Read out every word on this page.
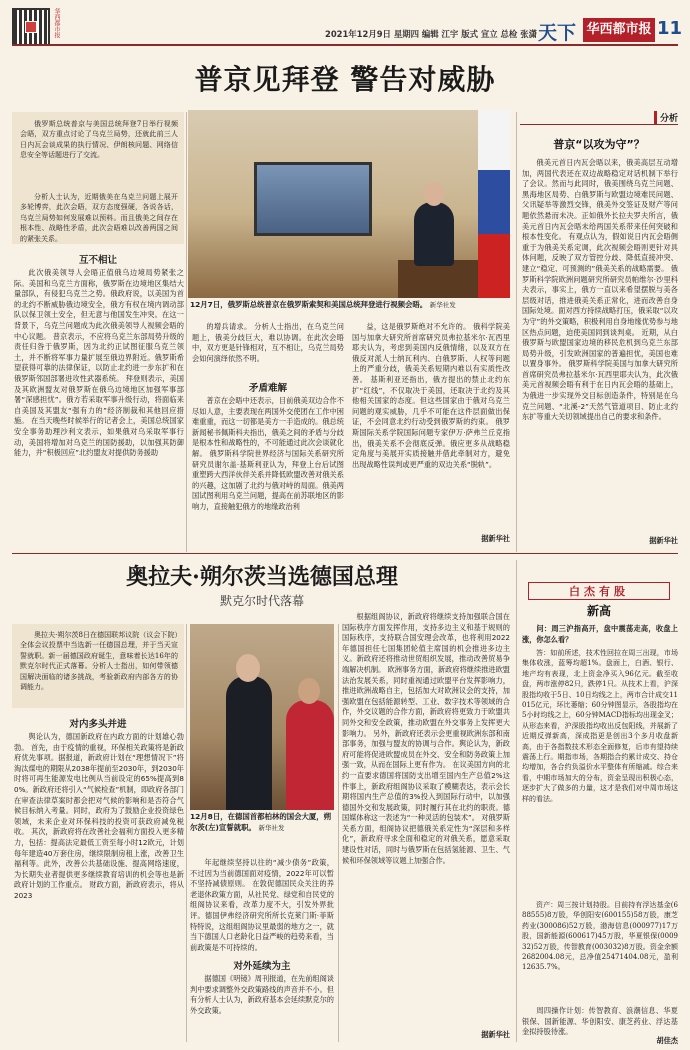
华西都市报	2021年12月9日 星期四 编辑 江宇 版式 宣立 总检 张潇 天下 华西都市报 11
普京见拜登 警告对威胁

俄罗斯总统普京与美国总统拜登7日举行视频会晤，双方重点讨论了乌克兰局势，还就此前三人日内瓦会谈成果的执行情况、伊朗核问题、网络信息安全等话题进行了交流。

分析人士认为，近期俄美在乌克兰问题上展开多轮博弈，此次会晤，双方态度强硬，各说各话，乌克兰局势如何发展难以预料。而且俄美之间存在根本性、战略性矛盾，此次会晤难以改善两国之间的紧张关系。

互不相让

此次俄美领导人会晤正值俄乌边境局势紧张之际。美国和乌克兰方面称，俄罗斯在边境地区集结大量部队，有侵犯乌克兰之势。俄政府说，以美国为首的北约不断威胁俄边境安全，俄方有权在境内调动部队以保卫领土安全，但无意与他国发生冲突。在这一背景下，乌克兰问题成为此次俄美领导人视频会晤的中心议题。 普京表示，不应将乌克兰东部局势升级的责任归咎于俄罗斯，因为北约正试图征服乌克兰领土，并不断将军事力量扩展至俄边界附近。俄罗斯希望获得可靠的法律保证，以防止北约进一步东扩和在俄罗斯邻国部署进攻性武器系统。 拜登则表示，美国及其欧洲盟友对俄罗斯在俄乌边境地区加强军事部署“深感担忧”。俄方若采取军事升级行动，将面临来自美国及其盟友“强有力的”经济制裁和其他回应措施。 在当天晚些时候举行的记者会上，美国总统国家安全事务助理沙利文表示，如果俄对乌采取军事行动，美国将增加对乌克兰的国防援助，以加强其防御能力，并“积极回应”北约盟友对提供防务援助

12月7日，俄罗斯总统普京在俄罗斯索契和美国总统拜登进行视频会晤。 新华社发

的增兵请求。 分析人士指出，在乌克兰问题上，俄美分歧巨大，难以协调。在此次会晤中，双方更是针锋相对，互不相让，乌克兰局势会如何演绎依然不明。

矛盾难解

普京在会晤中还表示，目前俄美双边合作不尽如人意，主要表现在两国外交使团在工作中困难重重，而这一切都是美方一手造成的。俄总统新闻秘书佩斯科夫指出，俄美之间的矛盾与分歧是根本性和战略性的，不可能通过此次会谈就化解。 俄罗斯科学院世界经济与国际关系研究所研究员谢尔盖·基斯利亚认为，拜登上台后试图重塑跨大西洋伙伴关系并降低欧盟改善对俄关系的兴趣，这加剧了北约与俄对峙的局面。俄美两国试图利用乌克兰问题，提高在前苏联地区的影响力，直接触犯俄方的地缘政治利

益，这是俄罗斯绝对不允许的。 俄科学院美国与加拿大研究所首席研究员弗拉基米尔·瓦西里耶夫认为，考虑到美国内反俄情绪，以及双方在俄反对派人士纳瓦利内、白俄罗斯、人权等问题上的严重分歧，俄美关系短期内难以有实质性改善。 基斯利亚还指出，俄方提出的禁止北约东扩“红线”，不仅取决于美国，还取决于北约及其他相关国家的态度。但这些国家由于俄对乌克兰问题的观实威胁，几乎不可能在这件层面做出保证，不会同意北约行动受到俄罗斯的约束。 俄罗斯国际关系学院国际问题专家伊万·萨弗兰丘克指出，俄美关系不会彻底反弹。俄应更多从战略稳定角度与美展开实质接触并借此牵制对方，避免出现战略性误判或更严重的双边关系“脱轨”。

据新华社
分析
普京“以攻为守”？

俄美元首日内瓦会晤以来，俄美高层互动增加，两国代表还在双边战略稳定对话机制下举行了会议。然而与此同时，俄美围绕乌克兰问题、黑海地区局势、白俄罗斯与欧盟边境难民问题、父讯疑举等激烈交锋，俄美外交签证及财产等问题依然悬而未决。正如俄外长拉夫罗夫所言，俄美元首日内瓦会晤未给两国关系带来任何突破和根本性变化。 有观点认为，假如说日内瓦会晤侧重于为俄美关系定调，此次视频会晤则更针对具体问题，反映了双方管控分歧、降低直接冲突、建立“稳定、可预测的”俄美关系的战略需要。 俄罗斯科学院欧洲问题研究所研究员帕维尔·沙里科夫表示，事实上，俄方一直以来希望摆脱与美各层级对话，推进俄美关系正常化，进而改善自身国际处境。面对西方持续战略打压，俄采取“以攻为守”的外交策略，积极利用自身地缘优势参与地区热点问题，迫使美国同到谈判桌。 近期，从白俄罗斯与欧盟国家边境的移民危机到乌克兰东部局势升级，引发欧洲国家的普遍担忧，美国也难以置身事外。 俄罗斯科学院美国与加拿大研究所首席研究员弗拉基米尔·瓦西里耶夫认为，此次俄美元首视频会晤有利于在日内瓦会晤的基础上，为俄进一步实现外交目标创造条件，特别是在乌克兰问题、“北溪-2”天然气管道项目、防止北约东扩等重大关切领域提出自己的要求和条件。

据新华社
奥拉夫·朔尔茨当选德国总理
默克尔时代落幕

奥拉夫·朔尔茨8日在德国联邦议院（议会下院）全体会议投票中当选新一任德国总理，并于当天宣誓就职。新一届德国政府诞生，意味着长达16年的默克尔时代正式落幕。分析人士指出，如何带领德国解决面临的诸多挑战，考验新政府内部各方的协调能力。

对内多头并进

舆论认为，德国新政府在内政方面的计划雄心勃勃。 首先，由于疫情的重视，环保相关政策将是新政府优先事项。据报道，新政府计划在“理想情况下”将淘汰煤电的期限从2038年提前至2030年，到2030年时将可再生能源发电比例从当前设定的65%提高到80%。新政府还将引入“气候检查”机制，即政府各部门在审查法律草案时都会把对气候的影响和是否符合气候目标纳入考量。同时，政府为了鼓励企业投资绿色领域，未来企业对环保科技的投资可获政府减免税收。 其次，新政府将在改善社会福利方面投入更多精力，包括：提高法定最低工资至每小时12欧元，计划每年建造40万套住房，继续限制房租上涨，改善卫生福利等。此外，改善公共基础设施、提高网络速度，为长期失业者提供更多继续教育培训的机会等也是新政府计划的工作重点。 财政方面，新政府表示，将从2023

12月8日，在德国首都柏林的国会大厦，朔尔茨(左)宣誓就职。 新华社发

年起继续坚持以往的“减少债务”政策，不过因为当前德国面对疫情，2022年可以暂不坚持减债原则。 在敦促德国民众关注的养老退休政策方面，从社民党、绿党和自民党的组阁协议来看，改革力度不大，引发外界批评。德国伊弗经济研究所所长克莱门斯·菲斯特特说，这组组阁协议里最弱的地方之一，就当下德国人口老龄化日益严峻的趋势来看，当前政策是不可持续的。

对外延续为主

据德国《明镜》周刊报道，在先前组阁谈判中要求调整外交政策路线的声音并不小。但有分析人士认为，新政府基本会延续默克尔的外交政策。

根据组阁协议，新政府将继续支持加强联合国在国际秩序方面发挥作用，支持多边主义和基于规则的国际秩序，支持联合国安理会改革，也将利用2022年德国担任七国集团轮值主席国的机会推进多边主义。新政府还将推动世贸组织发展，推动改善贸易争端解决机制。 欧洲事务方面，新政府将继续推进欧盟法治发展关系，同时重视通过欧盟平台发挥影响力，推进欧洲战略自主，包括加大对欧洲议会的支持，加强欧盟在包括能源转型、工业、数字技术等领域的合作，外交议题的合作方面，新政府将更致力于欧盟共同外交和安全政策，推动欧盟在外交事务上发挥更大影响力。 另外，新政府还表示会更重视欧洲东部和南部事务，加强与盟友的协调与合作。舆论认为，新政府可能将促进欧盟成员在外交、安全和防务政策上加强一致，从而在国际上更有作为。 在议美国方向的北约一直要求德国将国防支出增至国内生产总值2%这件事上，新政府组阁协议采取了模糊表达，表示会长期将国内生产总值的3%投入到国际行动中，以加强德国外交和发展政策，同时履行其在北约的职责。德国媒体称这一表述为“一种灵活的包装术”。 对俄罗斯关系方面，组阁协议把德俄关系定性为“深层和多样化”，新政府寻求全面和稳定的对俄关系，愿意采取建设性对话，同时与俄罗斯在包括氢能源、卫生、气候和环保领域等议题上加强合作。

据新华社
白杰有股
新高

问：周三沪指高开，盘中震荡走高，收盘上涨，你怎么看？

答：如前所述，技术性回拉在周三出现，市场集体收涨，蓝筹均超1%。盘面上，白酒、银行、地产均有表现，北上资金净买入96亿元。截至收盘，两市涨停82只，跌停1只。从技术上看，沪深股指均收于5日、10日均线之上，两市合计成交11015亿元，环比萎缩；60分钟图显示，各股指均在5小时均线之上，60分钟MACD指标均出现金叉；从形态来看，沪深股指均收出反包阳线，并展新了近期反弹新高，深成指更是创出3个多月收盘新高，由于各指数技术形态全面修复，后市有望持续震荡上行。期指市场，各期指合约累计成交、持仓均增加，各合约负溢价水平整体有所缩减。综合来看，中期市场加大的分布，资金呈现出积极心态，逐步扩大了做多的力量，这才是我们对中周市场这样的看法。

资产：周三按计划持股。目前持有浮达基金(688555)8万股，华创阳安(600155)58万股，康芝药业(300086)52万股，渤海信息(000977)17万股，国新能源(600617)45万股，华夏银保(000932)52万股，传智教育(003032)8万股。资金余额2682004.08元，总净值25471404.08元，盈利12635.7%。

周四操作计划：传智教育、浪潮信息、华夏银保、国新能源、华创阳安、康芝药业、浮达基金拟持股待涨。

胡佳杰
